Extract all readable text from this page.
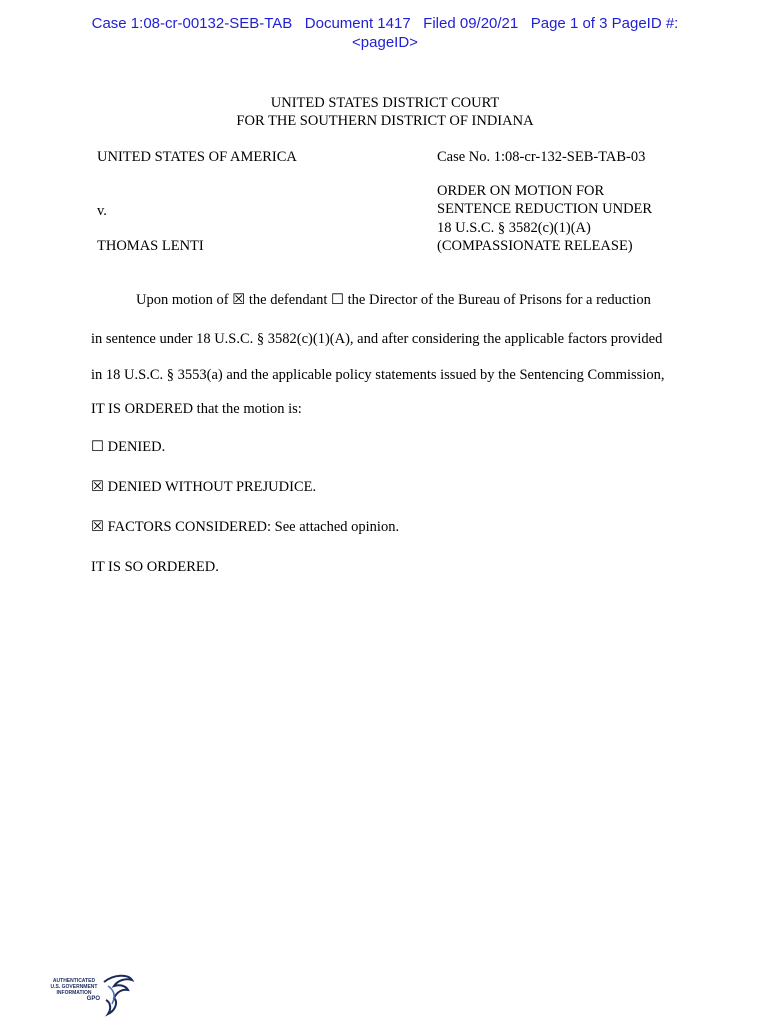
Case 1:08-cr-00132-SEB-TAB   Document 1417   Filed 09/20/21   Page 1 of 3 PageID #:
<pageID>
UNITED STATES DISTRICT COURT
FOR THE SOUTHERN DISTRICT OF INDIANA
UNITED STATES OF AMERICA	Case No. 1:08-cr-132-SEB-TAB-03
v.
THOMAS LENTI
ORDER ON MOTION FOR
SENTENCE REDUCTION UNDER
18 U.S.C. § 3582(c)(1)(A)
(COMPASSIONATE RELEASE)
Upon motion of ☒ the defendant ☐ the Director of the Bureau of Prisons for a reduction
in sentence under 18 U.S.C. § 3582(c)(1)(A), and after considering the applicable factors provided
in 18 U.S.C. § 3553(a) and the applicable policy statements issued by the Sentencing Commission,
IT IS ORDERED that the motion is:
☐ DENIED.
☒ DENIED WITHOUT PREJUDICE.
☒ FACTORS CONSIDERED: See attached opinion.
IT IS SO ORDERED.
AUTHENTICATED
U.S. GOVERNMENT
INFORMATION
GPO
